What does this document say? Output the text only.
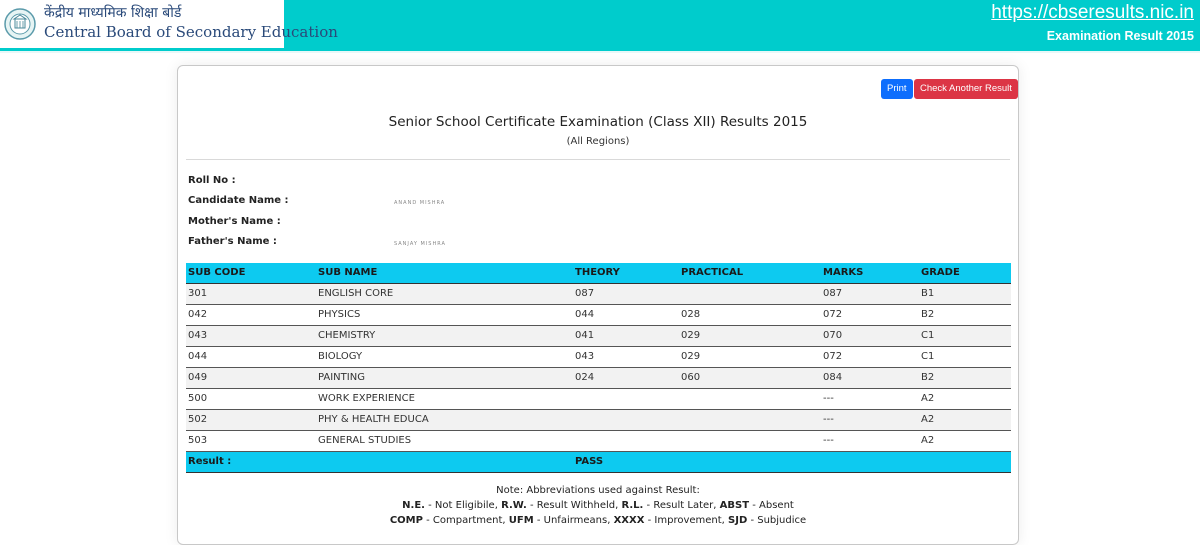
केंद्रीय माध्यमिक शिक्षा बोर्ड
Central Board of Secondary Education
https://cbseresults.nic.in
Examination Result 2015
Print	Check Another Result
Senior School Certificate Examination (Class XII) Results 2015
(All Regions)
Roll No :
Candidate Name :	ANAND MISHRA
Mother's Name :
Father's Name :	SANJAY MISHRA
SUB CODE	SUB NAME	THEORY	PRACTICAL	MARKS	GRADE
301	ENGLISH CORE	087		087	B1
042	PHYSICS	044	028	072	B2
043	CHEMISTRY	041	029	070	C1
044	BIOLOGY	043	029	072	C1
049	PAINTING	024	060	084	B2
500	WORK EXPERIENCE			---	A2
502	PHY & HEALTH EDUCA			---	A2
503	GENERAL STUDIES			---	A2
Result :		PASS			
Note: Abbreviations used against Result:
N.E. - Not Eligibile, R.W. - Result Withheld, R.L. - Result Later, ABST - Absent
COMP - Compartment, UFM - Unfairmeans, XXXX - Improvement, SJD - Subjudice
